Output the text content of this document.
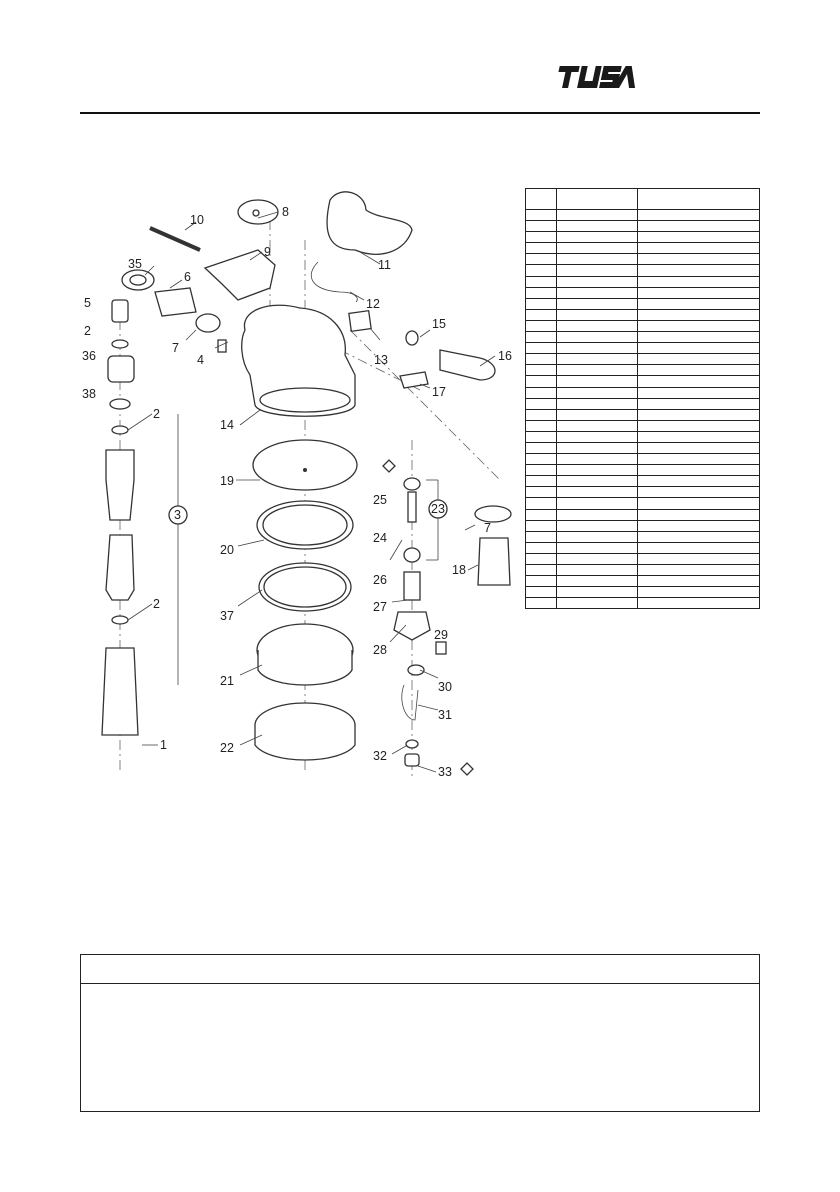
1
2
2
2
3
4
5
6
7
7
8
9
10
11
12
13
14
15
16
17
18
19
20
21
22
23
24
25
26
27
28
29
30
31
32
33
35
36
37
38
